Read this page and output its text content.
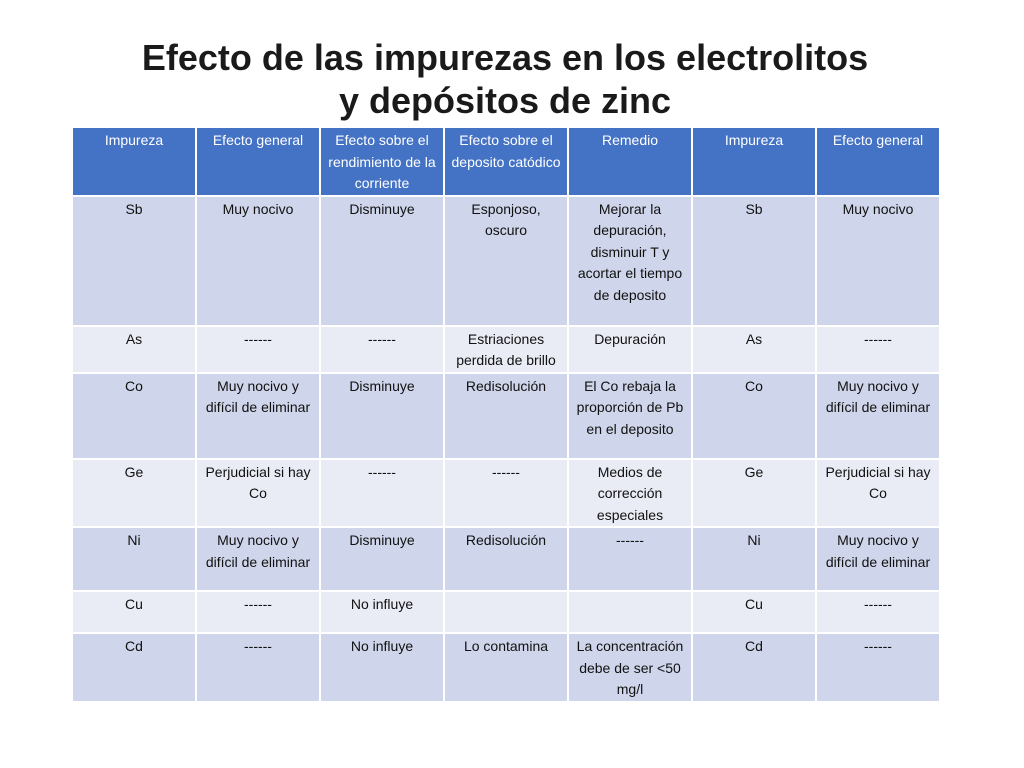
Efecto de las impurezas en los electrolitos
y depósitos de zinc
Impureza	Efecto general	Efecto sobre el rendimiento de la corriente	Efecto sobre el deposito catódico	Remedio	Impureza	Efecto general
Sb	Muy nocivo	Disminuye	Esponjoso, oscuro	Mejorar la depuración, disminuir T y acortar el tiempo de deposito	Sb	Muy nocivo
As	------	------	Estriaciones perdida de brillo	Depuración	As	------
Co	Muy nocivo y difícil de eliminar	Disminuye	Redisolución	El Co rebaja la proporción de Pb en el deposito	Co	Muy nocivo y difícil de eliminar
Ge	Perjudicial si hay Co	------	------	Medios de corrección especiales	Ge	Perjudicial si hay Co
Ni	Muy nocivo y difícil de eliminar	Disminuye	Redisolución	------	Ni	Muy nocivo y difícil de eliminar
Cu	------	No influye			Cu	------
Cd	------	No influye	Lo contamina	La concentración debe de ser <50 mg/l	Cd	------
